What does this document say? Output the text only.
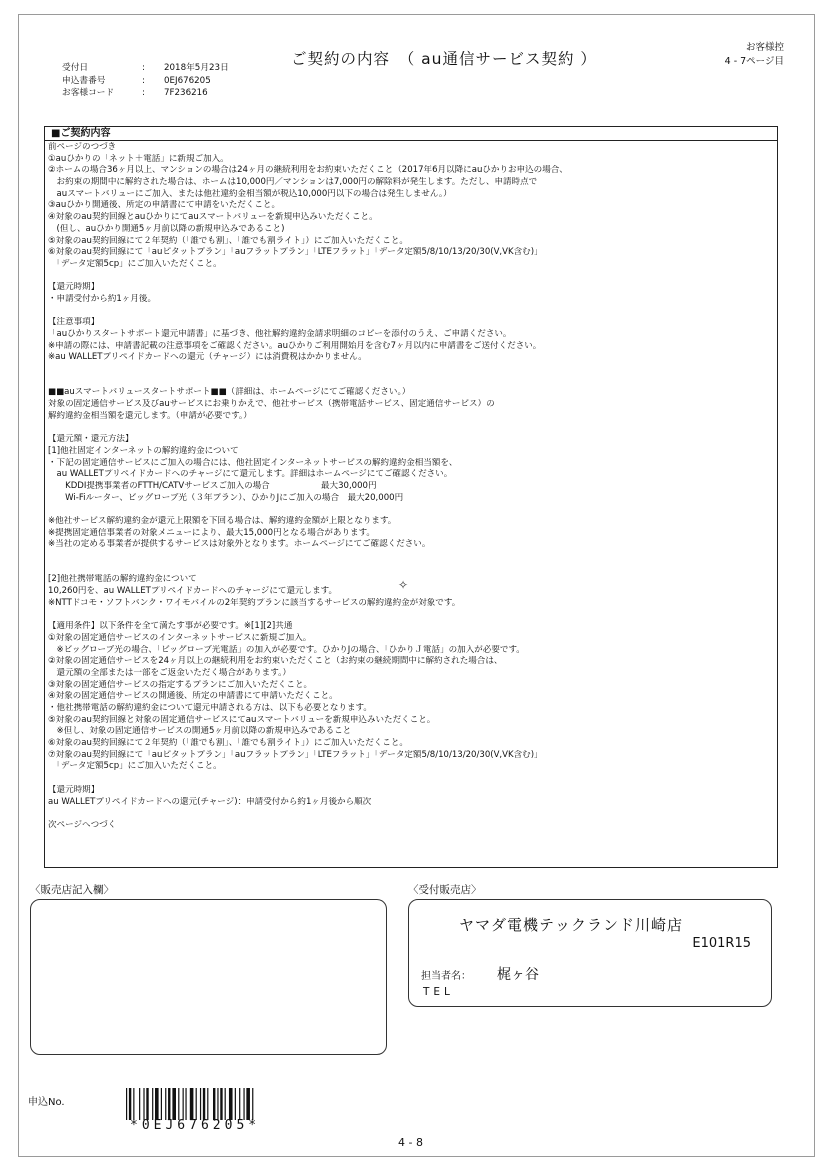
ご契約の内容　（ au通信サービス契約 ）
お客様控
4 - 7ページ目
受付日	:	2018年5月23日
申込書番号	:	0EJ676205
お客様コード	:	7F236216
■ご契約内容
前ページのつづき
①auひかりの「ネット＋電話」に新規ご加入。
②ホームの場合36ヶ月以上、マンションの場合は24ヶ月の継続利用をお約束いただくこと（2017年6月以降にauひかりお申込の場合、
　お約束の期間中に解約された場合は、ホームは10,000円／マンションは7,000円の解除料が発生します。ただし、申請時点で
　auスマートバリューにご加入、または他社違約金相当額が税込10,000円以下の場合は発生しません。）
③auひかり開通後、所定の申請書にて申請をいただくこと。
④対象のau契約回線とauひかりにてauスマートバリューを新規申込みいただくこと。
　(但し、auひかり開通5ヶ月前以降の新規申込みであること)
⑤対象のau契約回線にて２年契約（「誰でも割」、「誰でも割ライト」）にご加入いただくこと。
⑥対象のau契約回線にて「auピタットプラン」「auフラットプラン」「LTEフラット」「データ定額5/8/10/13/20/30(V,VK含む)」
　「データ定額5cp」にご加入いただくこと。
【還元時期】
・申請受付から約1ヶ月後。
【注意事項】
「auひかりスタートサポート還元申請書」に基づき、他社解約違約金請求明細のコピーを添付のうえ、ご申請ください。
※申請の際には、申請書記載の注意事項をご確認ください。auひかりご利用開始月を含む7ヶ月以内に申請書をご送付ください。
※au WALLETプリペイドカードへの還元（チャージ）には消費税はかかりません。
■■auスマートバリュースタートサポート■■（詳細は、ホームページにてご確認ください。）
対象の固定通信サービス及びauサービスにお乗りかえで、他社サービス（携帯電話サービス、固定通信サービス）の
解約違約金相当額を還元します。（申請が必要です。）
【還元額・還元方法】
[1]他社固定インターネットの解約違約金について
・下記の固定通信サービスにご加入の場合には、他社固定インターネットサービスの解約違約金相当額を、
　au WALLETプリペイドカードへのチャージにて還元します。詳細はホームページにてご確認ください。
　　KDDI提携事業者のFTTH/CATVサービスご加入の場合　　　　　　最大30,000円
　　Wi-Fiルーター、ビッグローブ光（３年プラン）、ひかりJにご加入の場合　最大20,000円
※他社サービス解約違約金が還元上限額を下回る場合は、解約違約金額が上限となります。
※提携固定通信事業者の対象メニューにより、最大15,000円となる場合があります。
※当社の定める事業者が提供するサービスは対象外となります。ホームページにてご確認ください。
[2]他社携帯電話の解約違約金について
10,260円を、au WALLETプリペイドカードへのチャージにて還元します。
※NTTドコモ・ソフトバンク・ワイモバイルの2年契約プランに該当するサービスの解約違約金が対象です。
【適用条件】以下条件を全て満たす事が必要です。※[1][2]共通
①対象の固定通信サービスのインターネットサービスに新規ご加入。
　※ビッグローブ光の場合、「ビッグローブ光電話」の加入が必要です。ひかりJの場合、「ひかりＪ電話」の加入が必要です。
②対象の固定通信サービスを24ヶ月以上の継続利用をお約束いただくこと（お約束の継続期間中に解約された場合は、
　還元額の全部または一部をご返金いただく場合があります。）
③対象の固定通信サービスの指定するプランにご加入いただくこと。
④対象の固定通信サービスの開通後、所定の申請書にて申請いただくこと。
・他社携帯電話の解約違約金について還元申請される方は、以下も必要となります。
⑤対象のau契約回線と対象の固定通信サービスにてauスマートバリューを新規申込みいただくこと。
　※但し、対象の固定通信サービスの開通5ヶ月前以降の新規申込みであること
⑥対象のau契約回線にて２年契約（「誰でも割」、「誰でも割ライト」）にご加入いただくこと。
⑦対象のau契約回線にて「auピタットプラン」「auフラットプラン」「LTEフラット」「データ定額5/8/10/13/20/30(V,VK含む)」
　「データ定額5cp」にご加入いただくこと。
【還元時期】
au WALLETプリペイドカードへの還元(チャージ)：申請受付から約1ヶ月後から順次
次ページへつづく
✧
〈販売店記入欄〉	〈受付販売店〉
ヤマダ電機テックランド川崎店
E101R15
担当者名： 梶ヶ谷
TEL
申込No.
*0EJ676205*
4 - 8
